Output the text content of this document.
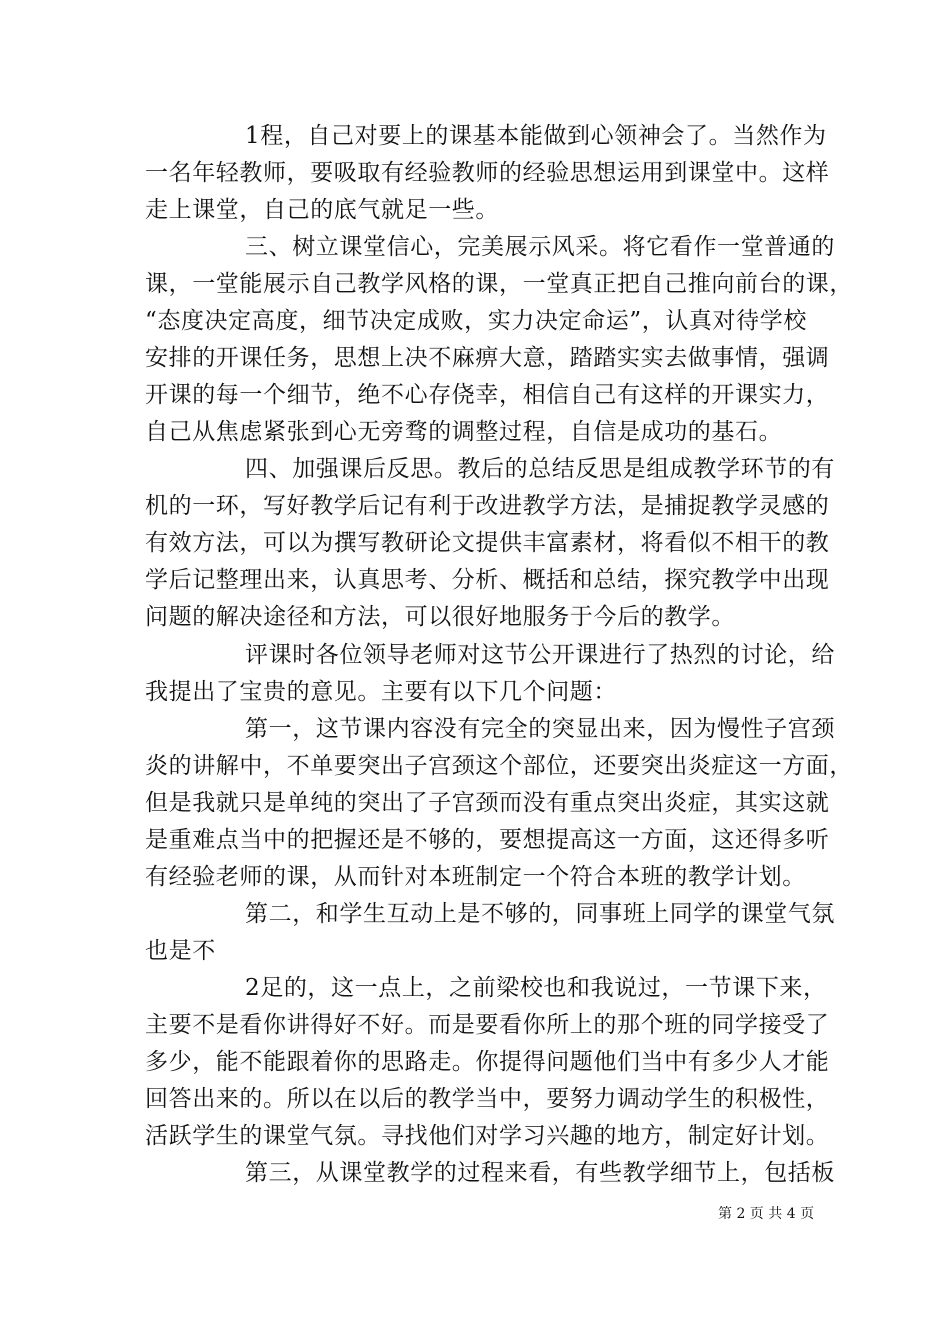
1程，自己对要上的课基本能做到心领神会了。当然作为
一名年轻教师，要吸取有经验教师的经验思想运用到课堂中。这样
走上课堂，自己的底气就足一些。
三、树立课堂信心，完美展示风采。将它看作一堂普通的
课，一堂能展示自己教学风格的课，一堂真正把自己推向前台的课，
“态度决定高度，细节决定成败，实力决定命运”，认真对待学校
安排的开课任务，思想上决不麻痹大意，踏踏实实去做事情，强调
开课的每一个细节，绝不心存侥幸，相信自己有这样的开课实力，
自己从焦虑紧张到心无旁骛的调整过程，自信是成功的基石。
四、加强课后反思。教后的总结反思是组成教学环节的有
机的一环，写好教学后记有利于改进教学方法，是捕捉教学灵感的
有效方法，可以为撰写教研论文提供丰富素材，将看似不相干的教
学后记整理出来，认真思考、分析、概括和总结，探究教学中出现
问题的解决途径和方法，可以很好地服务于今后的教学。
评课时各位领导老师对这节公开课进行了热烈的讨论，给
我提出了宝贵的意见。主要有以下几个问题：
第一，这节课内容没有完全的突显出来，因为慢性子宫颈
炎的讲解中，不单要突出子宫颈这个部位，还要突出炎症这一方面，
但是我就只是单纯的突出了子宫颈而没有重点突出炎症，其实这就
是重难点当中的把握还是不够的，要想提高这一方面，这还得多听
有经验老师的课，从而针对本班制定一个符合本班的教学计划。
第二，和学生互动上是不够的，同事班上同学的课堂气氛
也是不
2足的，这一点上，之前梁校也和我说过，一节课下来，
主要不是看你讲得好不好。而是要看你所上的那个班的同学接受了
多少，能不能跟着你的思路走。你提得问题他们当中有多少人才能
回答出来的。所以在以后的教学当中，要努力调动学生的积极性，
活跃学生的课堂气氛。寻找他们对学习兴趣的地方，制定好计划。
第三，从课堂教学的过程来看，有些教学细节上，包括板
第 2 页 共 4 页
